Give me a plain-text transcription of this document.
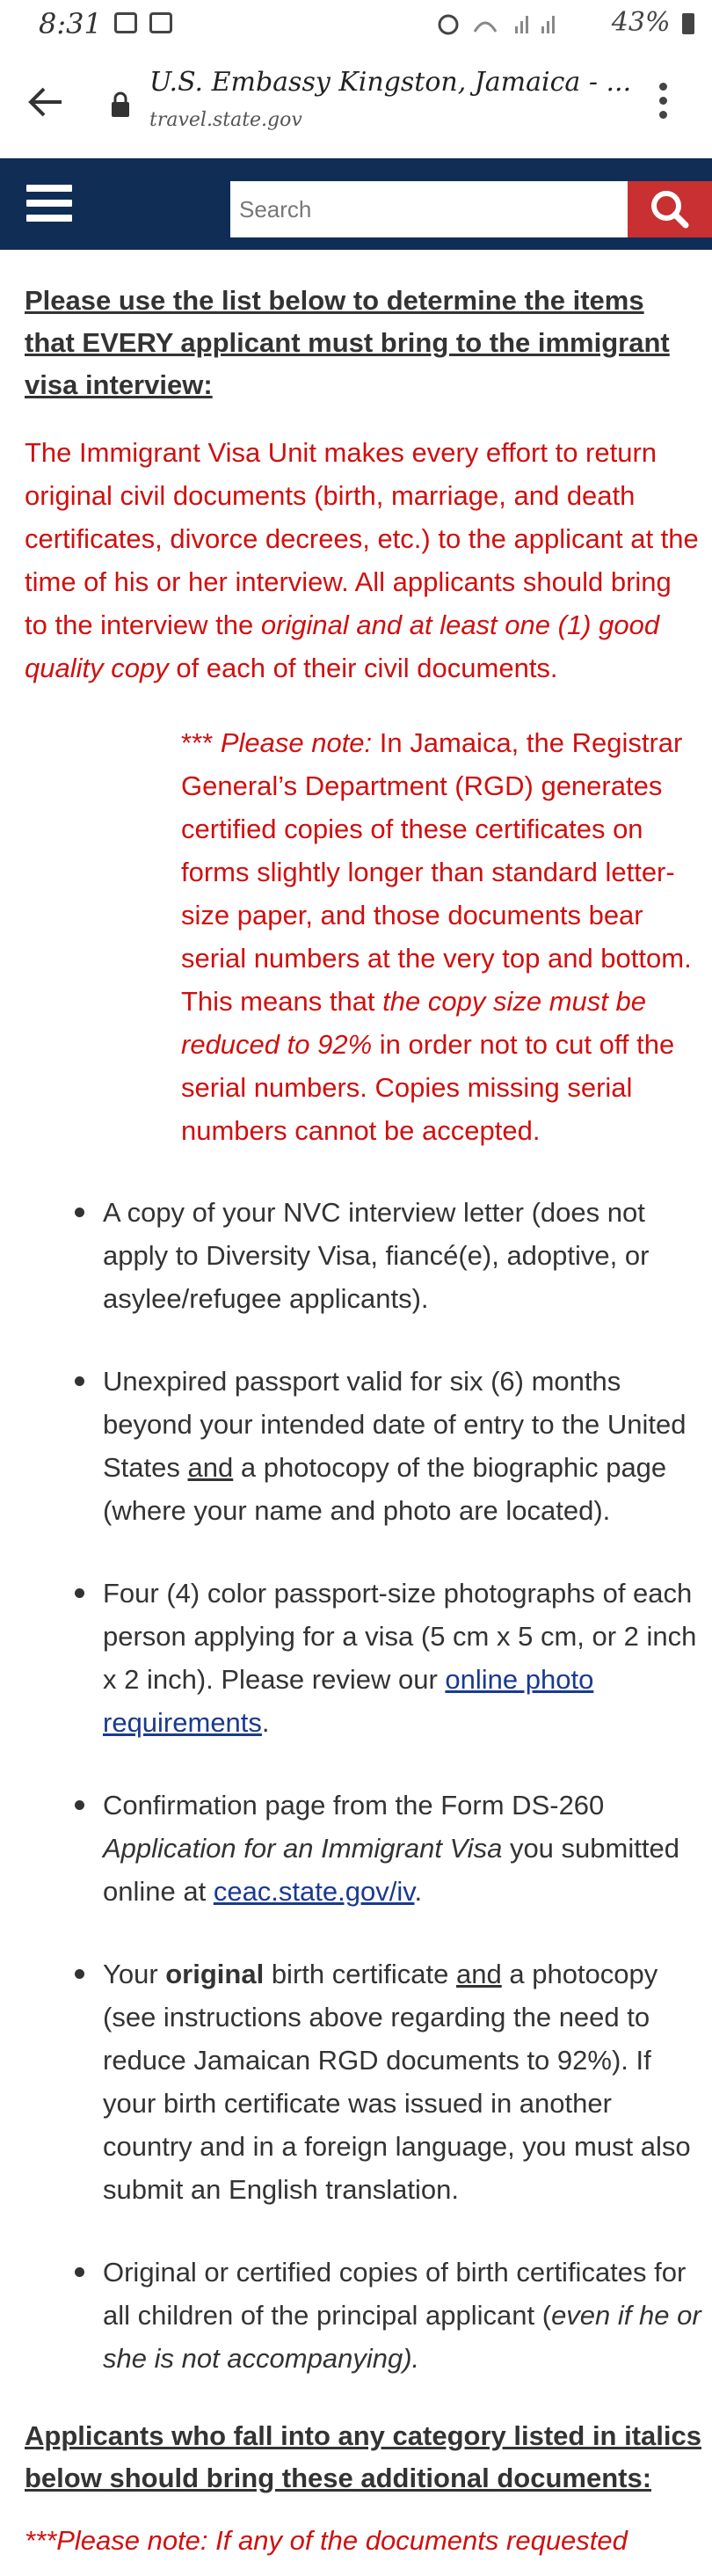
8:31	43%
U.S. Embassy Kingston, Jamaica - ...
travel.state.gov
Search

Please use the list below to determine the items that EVERY applicant must bring to the immigrant visa interview:

The Immigrant Visa Unit makes every effort to return original civil documents (birth, marriage, and death certificates, divorce decrees, etc.) to the applicant at the time of his or her interview. All applicants should bring to the interview the original and at least one (1) good quality copy of each of their civil documents.

*** Please note: In Jamaica, the Registrar General’s Department (RGD) generates certified copies of these certificates on forms slightly longer than standard letter-size paper, and those documents bear serial numbers at the very top and bottom. This means that the copy size must be reduced to 92% in order not to cut off the serial numbers. Copies missing serial numbers cannot be accepted.

A copy of your NVC interview letter (does not apply to Diversity Visa, fiancé(e), adoptive, or asylee/refugee applicants).
Unexpired passport valid for six (6) months beyond your intended date of entry to the United States and a photocopy of the biographic page (where your name and photo are located).
Four (4) color passport-size photographs of each person applying for a visa (5 cm x 5 cm, or 2 inch x 2 inch). Please review our online photo requirements.
Confirmation page from the Form DS-260 Application for an Immigrant Visa you submitted online at ceac.state.gov/iv.
Your original birth certificate and a photocopy (see instructions above regarding the need to reduce Jamaican RGD documents to 92%). If your birth certificate was issued in another country and in a foreign language, you must also submit an English translation.
Original or certified copies of birth certificates for all children of the principal applicant (even if he or she is not accompanying).

Applicants who fall into any category listed in italics below should bring these additional documents:

***Please note: If any of the documents requested
